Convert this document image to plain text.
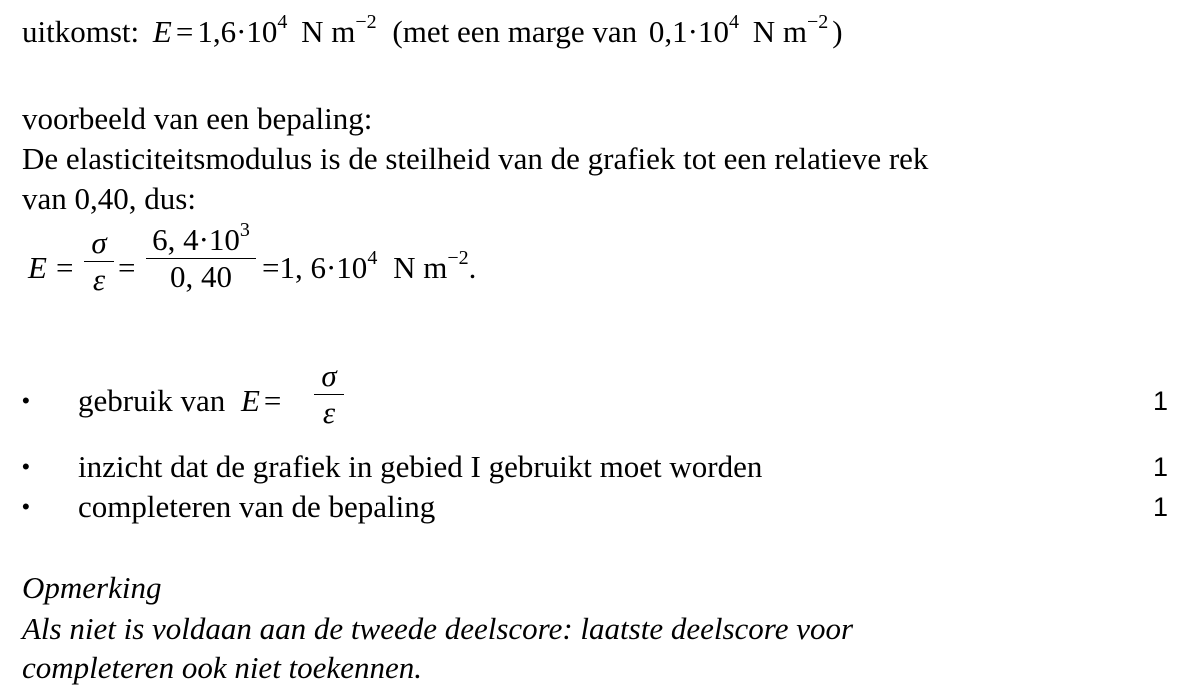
uitkomst: $E = 1,6\cdot 10^4$ N $m^{-2}$ (met een marge van $0,1\cdot 10^4$ N $m^{-2}$ )
voorbeeld van een bepaling:
De elasticiteitsmodulus is de steilheid van de grafiek tot een relatieve rek
van 0,40, dus:
E =
σ
ε =
6, $4\cdot 10^3$
0, 40 =1, $6\cdot 10^4$ N $m^{-2}$.
• gebruik van E =
σ
ε	1
• inzicht dat de grafiek in gebied I gebruikt moet worden	1
• completeren van de bepaling	1
Opmerking
Als niet is voldaan aan de tweede deelscore: laatste deelscore voor
completeren ook niet toekennen.
